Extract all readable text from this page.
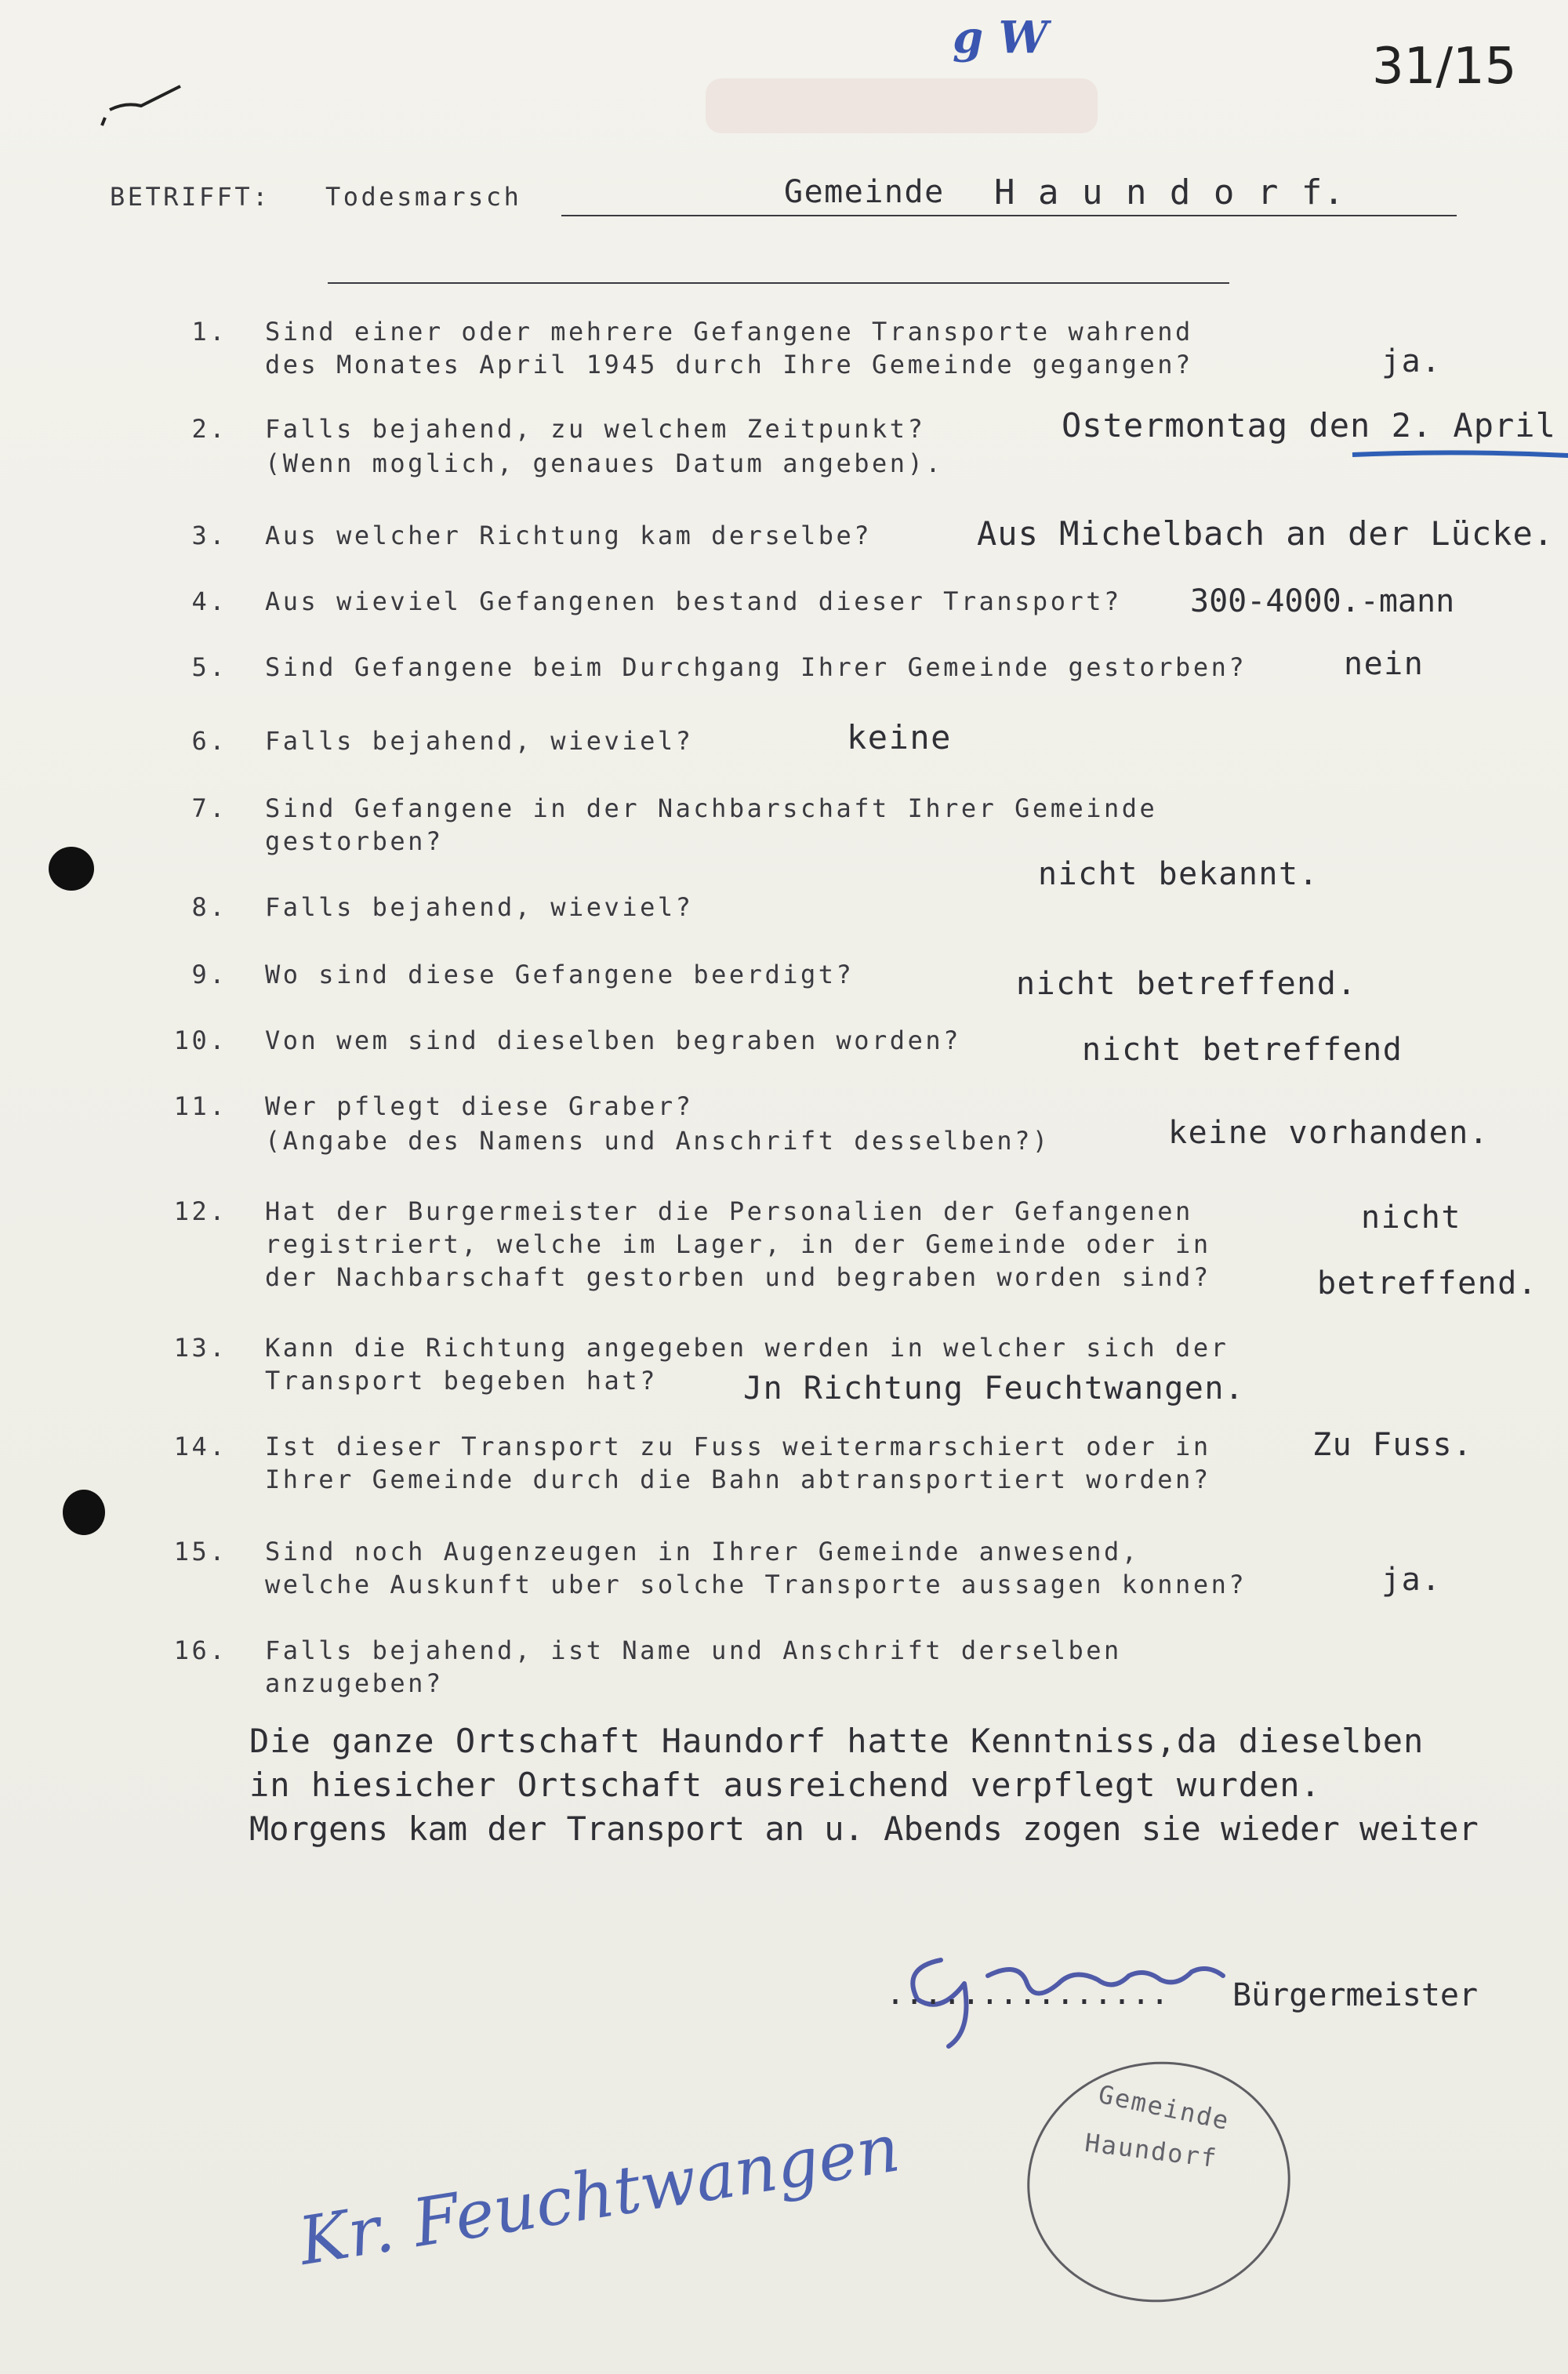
g W	31/15
BETRIFFT: Todesmarsch	Gemeinde H a u n d o r f.
1. Sind einer oder mehrere Gefangene Transporte wahrend
des Monates April 1945 durch Ihre Gemeinde gegangen?	ja.
2. Falls bejahend, zu welchem Zeitpunkt?
(Wenn moglich, genaues Datum angeben).
Ostermontag den 2. April
3. Aus welcher Richtung kam derselbe?	Aus Michelbach an der Lücke.
4. Aus wieviel Gefangenen bestand dieser Transport? 300-4000.-mann
5. Sind Gefangene beim Durchgang Ihrer Gemeinde gestorben?	nein
6. Falls bejahend, wieviel?	keine
7. Sind Gefangene in der Nachbarschaft Ihrer Gemeinde
gestorben?
nicht bekannt.
8. Falls bejahend, wieviel?
9. Wo sind diese Gefangene beerdigt?	nicht betreffend.
10. Von wem sind dieselben begraben worden?	nicht betreffend
11. Wer pflegt diese Graber?
(Angabe des Namens und Anschrift desselben?)	keine vorhanden.
12. Hat der Burgermeister die Personalien der Gefangenen
registriert, welche im Lager, in der Gemeinde oder in
der Nachbarschaft gestorben und begraben worden sind?
nicht
betreffend.
13. Kann die Richtung angegeben werden in welcher sich der
Transport begeben hat?	Jn Richtung Feuchtwangen.
14. Ist dieser Transport zu Fuss weitermarschiert oder in
Ihrer Gemeinde durch die Bahn abtransportiert worden?
Zu Fuss.
15. Sind noch Augenzeugen in Ihrer Gemeinde anwesend,
welche Auskunft uber solche Transporte aussagen konnen?	ja.
16. Falls bejahend, ist Name und Anschrift derselben
anzugeben?
Die ganze Ortschaft Haundorf hatte Kenntniss,da dieselben
in hiesicher Ortschaft ausreichend verpflegt wurden.
Morgens kam der Transport an u. Abends zogen sie wieder weiter
............... Bürgermeister
Gemeinde
Haundorf
Kr. Feuchtwangen
